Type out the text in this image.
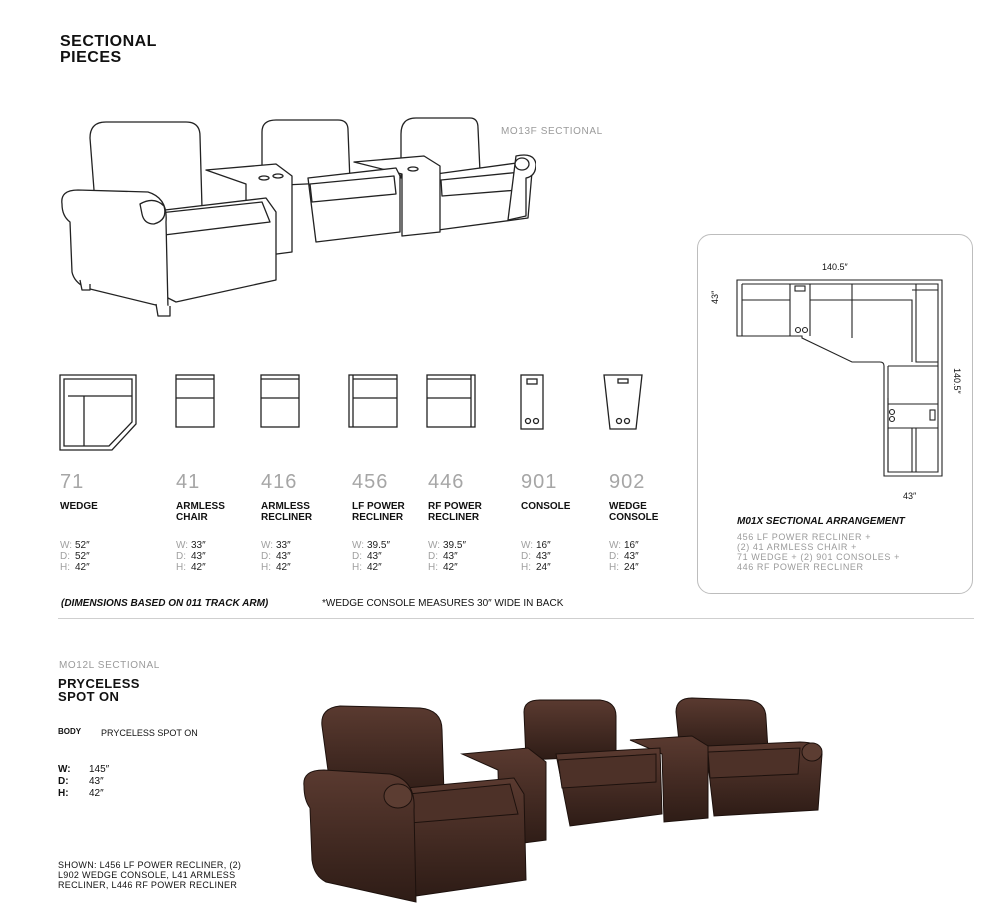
SECTIONAL
PIECES
MO13F SECTIONAL
71
WEDGE
W: 52″
D: 52″
H: 42″
41
ARMLESS
CHAIR
W: 33″
D: 43″
H: 42″
416
ARMLESS
RECLINER
W: 33″
D: 43″
H: 42″
456
LF POWER
RECLINER
W: 39.5″
D: 43″
H: 42″
446
RF POWER
RECLINER
W: 39.5″
D: 43″
H: 42″
901
CONSOLE
W: 16″
D: 43″
H: 24″
902
WEDGE
CONSOLE
W: 16″
D: 43″
H: 24″
(DIMENSIONS BASED ON 011 TRACK ARM)	*WEDGE CONSOLE MEASURES 30″ WIDE IN BACK
140.5″
43″
140.5″
43″
M01X SECTIONAL ARRANGEMENT
456 LF POWER RECLINER +
(2) 41 ARMLESS CHAIR +
71 WEDGE + (2) 901 CONSOLES +
446 RF POWER RECLINER
MO12L SECTIONAL
PRYCELESS
SPOT ON
BODY PRYCELESS SPOT ON
W:	145″
D:	43″
H:	42″
SHOWN: L456 LF POWER RECLINER, (2)
L902 WEDGE CONSOLE, L41 ARMLESS
RECLINER, L446 RF POWER RECLINER
